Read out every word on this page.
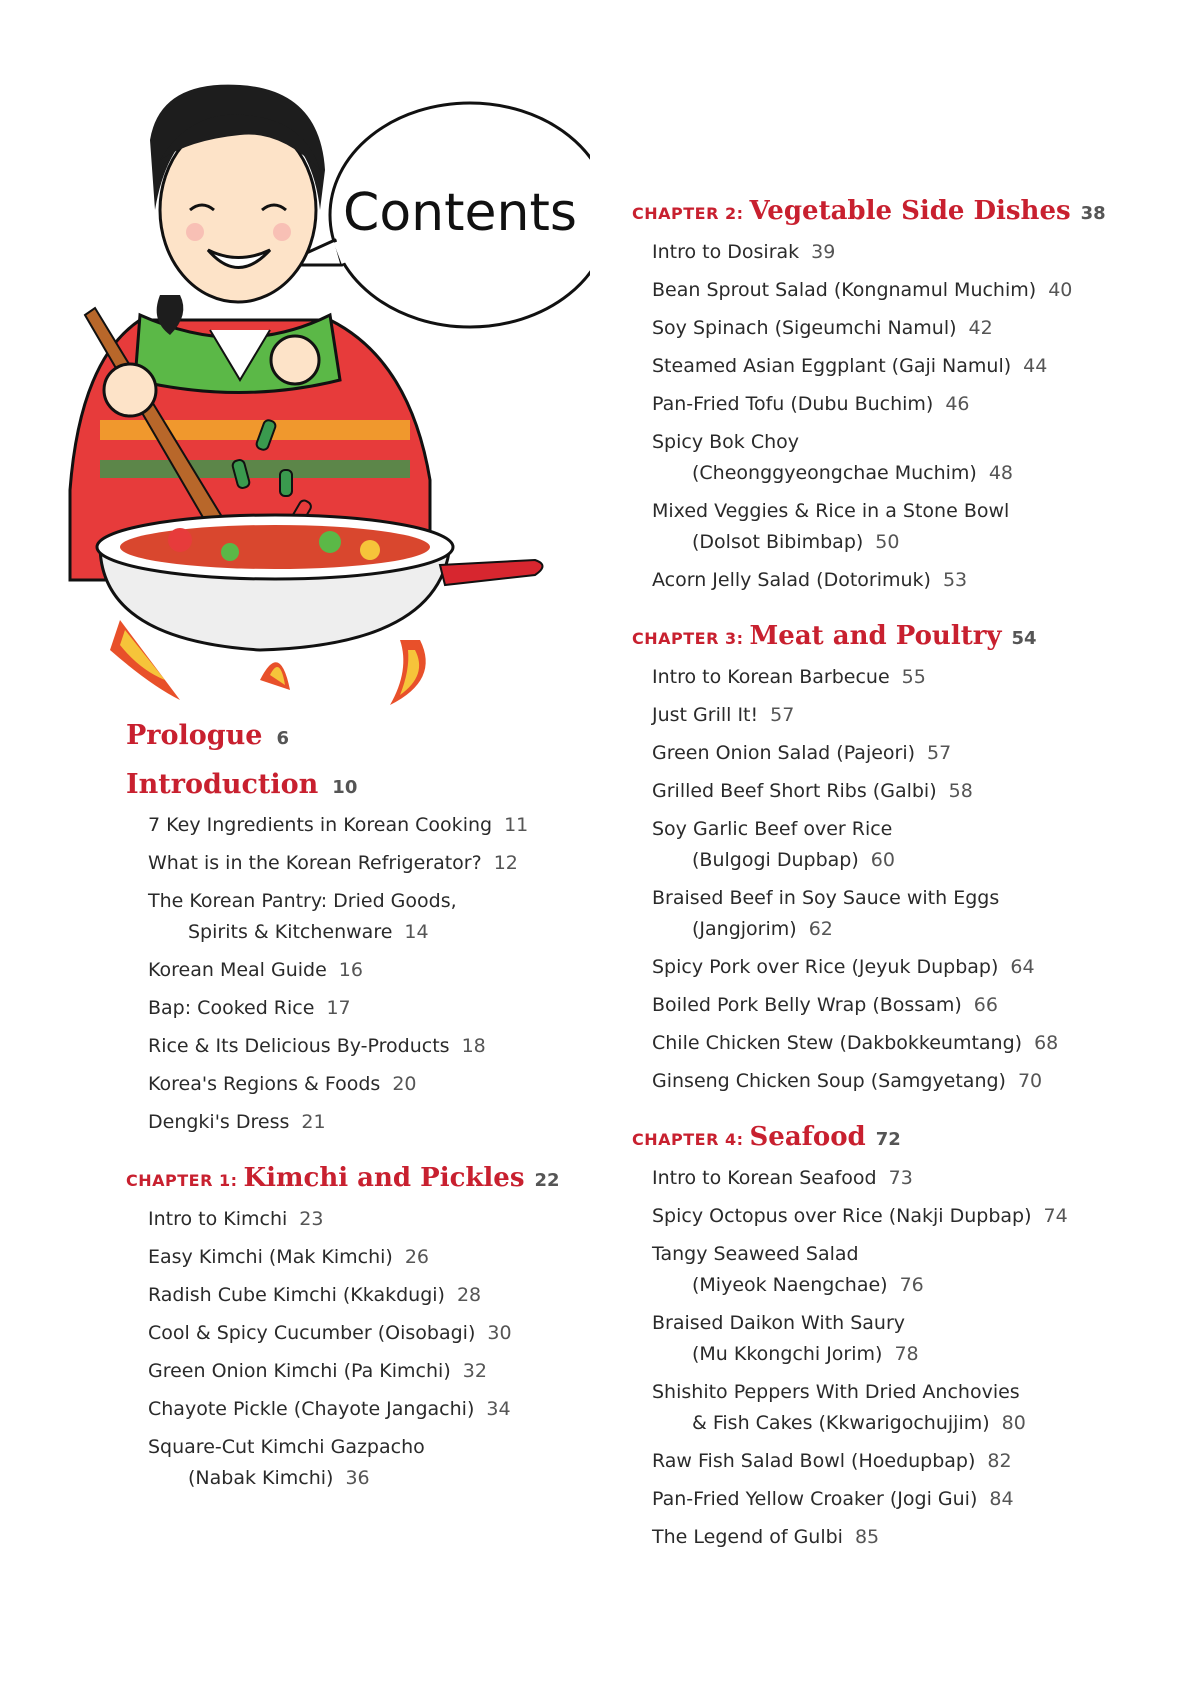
Contents
Prologue 6
Introduction 10
7 Key Ingredients in Korean Cooking 11
What is in the Korean Refrigerator? 12
The Korean Pantry: Dried Goods,
Spirits & Kitchenware 14
Korean Meal Guide 16
Bap: Cooked Rice 17
Rice & Its Delicious By-Products 18
Korea's Regions & Foods 20
Dengki's Dress 21
CHAPTER 1: Kimchi and Pickles 22
Intro to Kimchi 23
Easy Kimchi (Mak Kimchi) 26
Radish Cube Kimchi (Kkakdugi) 28
Cool & Spicy Cucumber (Oisobagi) 30
Green Onion Kimchi (Pa Kimchi) 32
Chayote Pickle (Chayote Jangachi) 34
Square-Cut Kimchi Gazpacho
(Nabak Kimchi) 36
CHAPTER 2: Vegetable Side Dishes 38
Intro to Dosirak 39
Bean Sprout Salad (Kongnamul Muchim) 40
Soy Spinach (Sigeumchi Namul) 42
Steamed Asian Eggplant (Gaji Namul) 44
Pan-Fried Tofu (Dubu Buchim) 46
Spicy Bok Choy
(Cheonggyeongchae Muchim) 48
Mixed Veggies & Rice in a Stone Bowl
(Dolsot Bibimbap) 50
Acorn Jelly Salad (Dotorimuk) 53
CHAPTER 3: Meat and Poultry 54
Intro to Korean Barbecue 55
Just Grill It! 57
Green Onion Salad (Pajeori) 57
Grilled Beef Short Ribs (Galbi) 58
Soy Garlic Beef over Rice
(Bulgogi Dupbap) 60
Braised Beef in Soy Sauce with Eggs
(Jangjorim) 62
Spicy Pork over Rice (Jeyuk Dupbap) 64
Boiled Pork Belly Wrap (Bossam) 66
Chile Chicken Stew (Dakbokkeumtang) 68
Ginseng Chicken Soup (Samgyetang) 70
CHAPTER 4: Seafood 72
Intro to Korean Seafood 73
Spicy Octopus over Rice (Nakji Dupbap) 74
Tangy Seaweed Salad
(Miyeok Naengchae) 76
Braised Daikon With Saury
(Mu Kkongchi Jorim) 78
Shishito Peppers With Dried Anchovies
& Fish Cakes (Kkwarigochujjim) 80
Raw Fish Salad Bowl (Hoedupbap) 82
Pan-Fried Yellow Croaker (Jogi Gui) 84
The Legend of Gulbi 85
